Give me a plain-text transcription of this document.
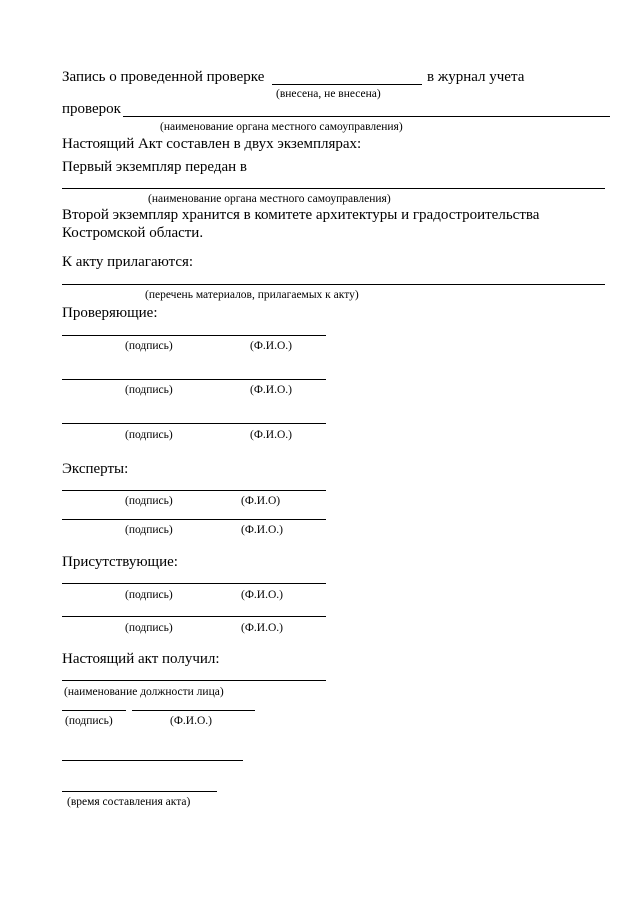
Запись о проведенной проверке	в журнал учета
(внесена, не внесена)
проверок
(наименование органа местного самоуправления)
Настоящий Акт составлен в двух экземплярах:
Первый экземпляр передан в
(наименование органа местного самоуправления)
Второй экземпляр хранится в комитете архитектуры и градостроительства
Костромской области.
К акту прилагаются:
(перечень материалов, прилагаемых к акту)
Проверяющие:
(подпись)	(Ф.И.О.)
(подпись)	(Ф.И.О.)
(подпись)	(Ф.И.О.)
Эксперты:
(подпись)	(Ф.И.О)
(подпись)	(Ф.И.О.)
Присутствующие:
(подпись)	(Ф.И.О.)
(подпись)	(Ф.И.О.)
Настоящий акт получил:
(наименование должности лица)
(подпись)	(Ф.И.О.)
(время составления акта)
